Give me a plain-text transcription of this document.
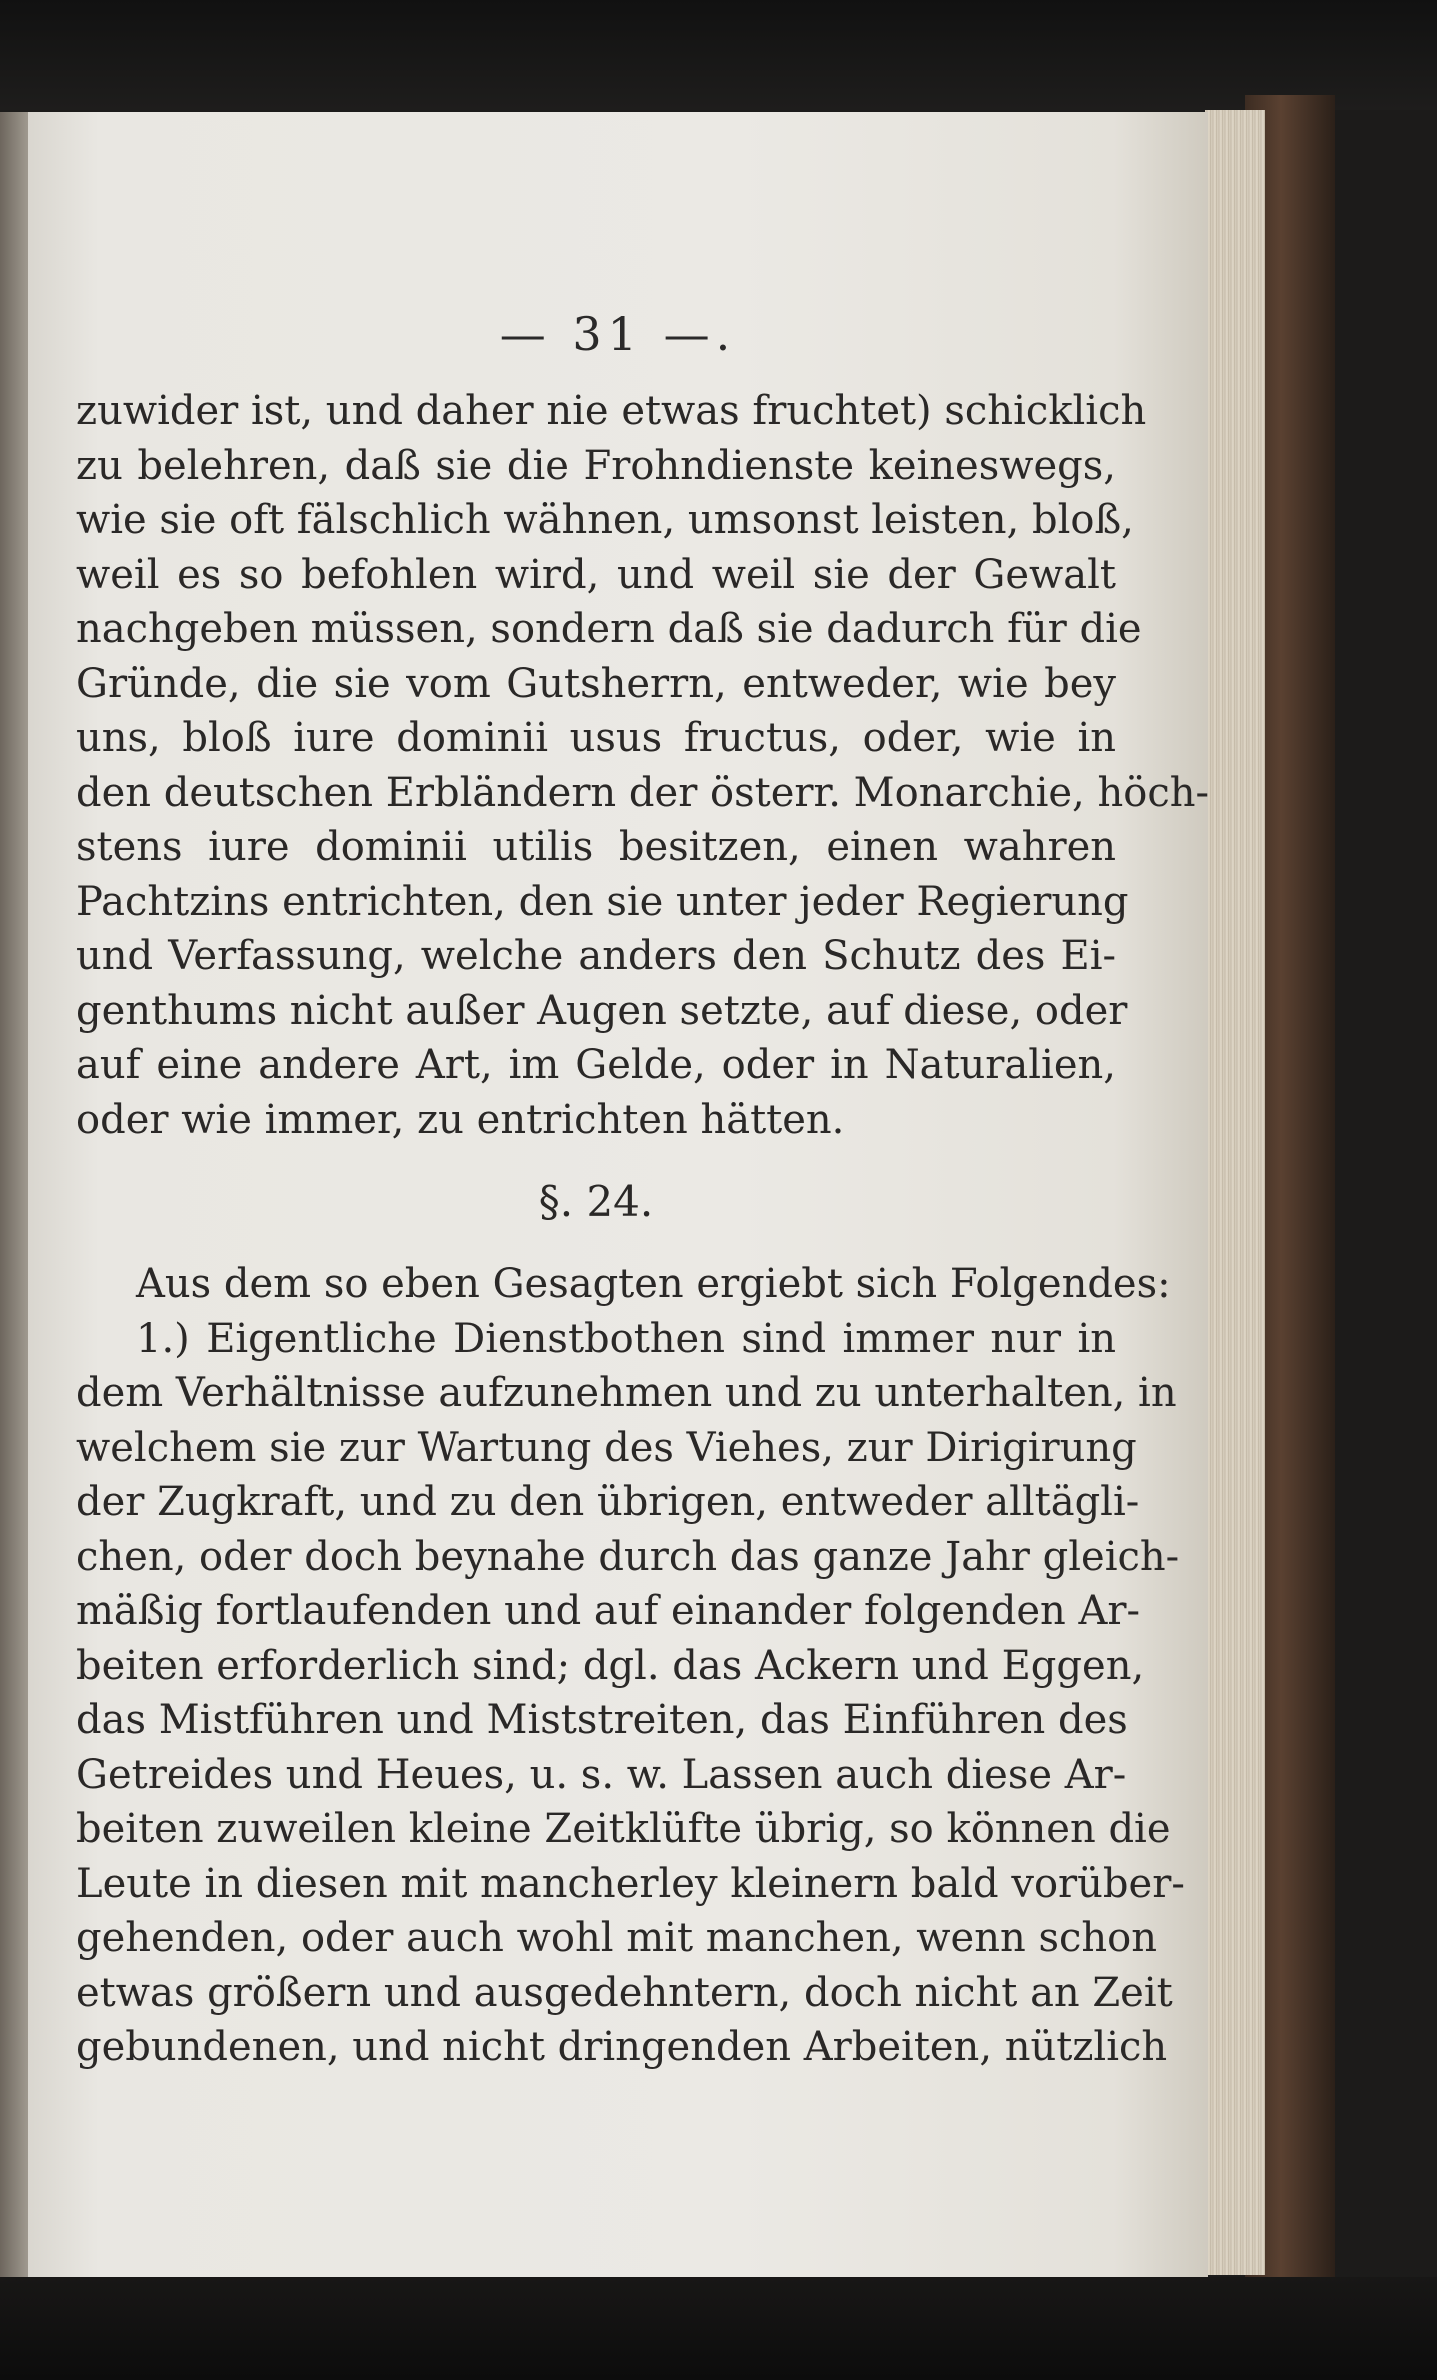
— 31 —.
zuwider ist, und daher nie etwas fruchtet) schicklich
zu belehren, daß sie die Frohndienste keineswegs,
wie sie oft fälschlich wähnen, umsonst leisten, bloß,
weil es so befohlen wird, und weil sie der Gewalt
nachgeben müssen, sondern daß sie dadurch für die
Gründe, die sie vom Gutsherrn, entweder, wie bey
uns, bloß iure dominii usus fructus, oder, wie in
den deutschen Erbländern der österr. Monarchie, höch-
stens iure dominii utilis besitzen, einen wahren
Pachtzins entrichten, den sie unter jeder Regierung
und Verfassung, welche anders den Schutz des Ei-
genthums nicht außer Augen setzte, auf diese, oder
auf eine andere Art, im Gelde, oder in Naturalien,
oder wie immer, zu entrichten hätten.
§. 24.
Aus dem so eben Gesagten ergiebt sich Folgendes:
1.) Eigentliche Dienstbothen sind immer nur in
dem Verhältnisse aufzunehmen und zu unterhalten, in
welchem sie zur Wartung des Viehes, zur Dirigirung
der Zugkraft, und zu den übrigen, entweder alltägli-
chen, oder doch beynahe durch das ganze Jahr gleich-
mäßig fortlaufenden und auf einander folgenden Ar-
beiten erforderlich sind; dgl. das Ackern und Eggen,
das Mistführen und Miststreiten, das Einführen des
Getreides und Heues, u. s. w. Lassen auch diese Ar-
beiten zuweilen kleine Zeitklüfte übrig, so können die
Leute in diesen mit mancherley kleinern bald vorüber-
gehenden, oder auch wohl mit manchen, wenn schon
etwas größern und ausgedehntern, doch nicht an Zeit
gebundenen, und nicht dringenden Arbeiten, nützlich
